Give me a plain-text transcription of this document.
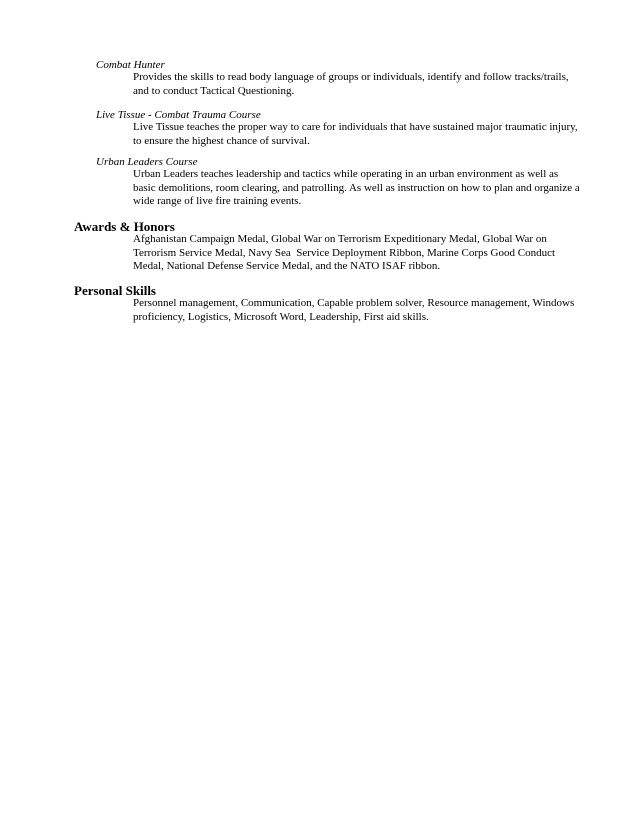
Combat Hunter
Provides the skills to read body language of groups or individuals, identify and follow tracks/trails, and to conduct Tactical Questioning.
Live Tissue - Combat Trauma Course
Live Tissue teaches the proper way to care for individuals that have sustained major traumatic injury, to ensure the highest chance of survival.
Urban Leaders Course
Urban Leaders teaches leadership and tactics while operating in an urban environment as well as basic demolitions, room clearing, and patrolling. As well as instruction on how to plan and organize a wide range of live fire training events.
Awards & Honors
Afghanistan Campaign Medal, Global War on Terrorism Expeditionary Medal, Global War on Terrorism Service Medal, Navy Sea  Service Deployment Ribbon, Marine Corps Good Conduct Medal, National Defense Service Medal, and the NATO ISAF ribbon.
Personal Skills
Personnel management, Communication, Capable problem solver, Resource management, Windows proficiency, Logistics, Microsoft Word, Leadership, First aid skills.
